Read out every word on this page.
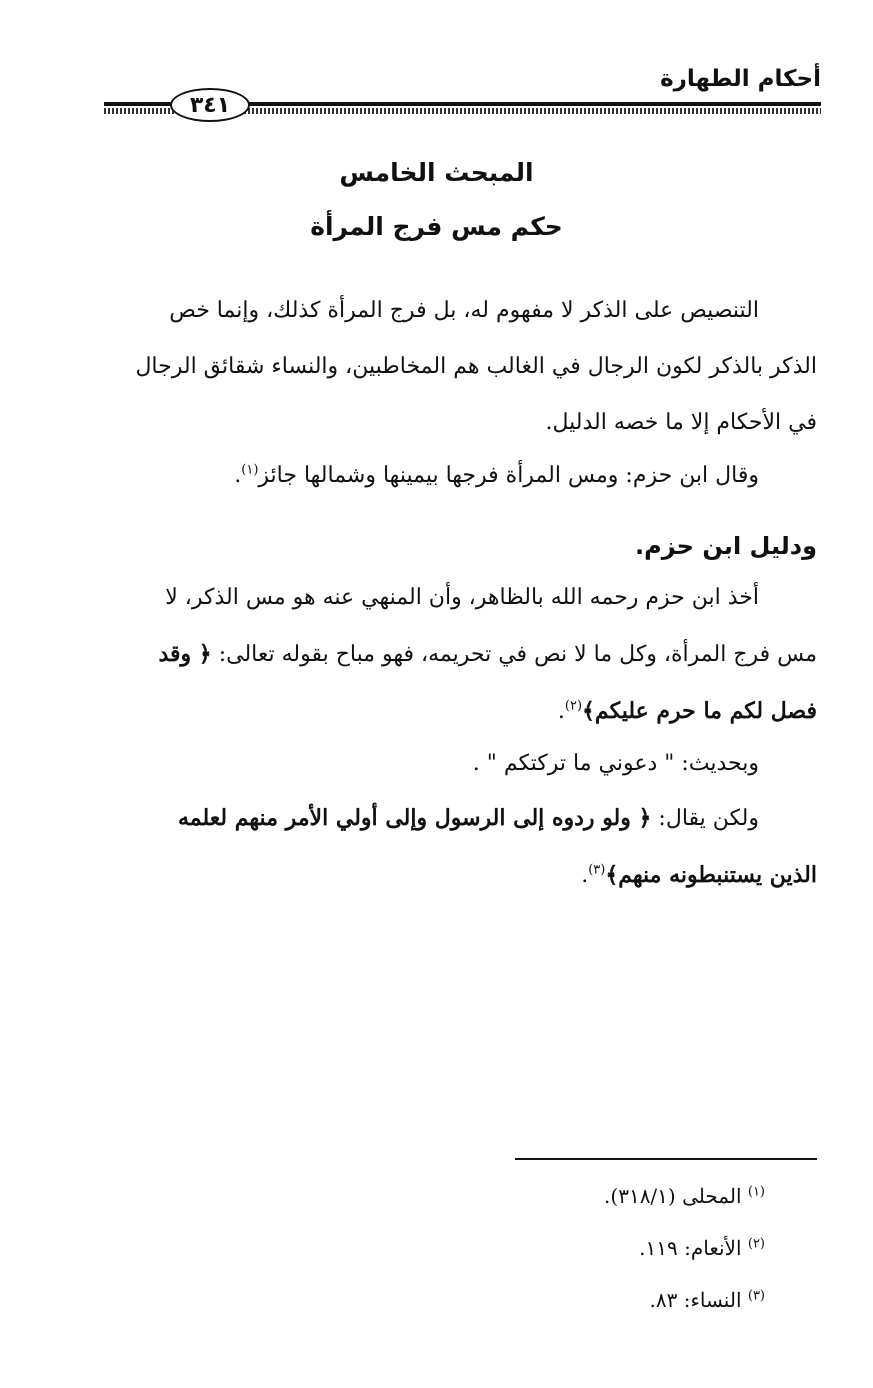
أحكام الطهارة
٣٤١
المبحث الخامس
حكم مس فرج المرأة

التنصيص على الذكر لا مفهوم له، بل فرج المرأة كذلك، وإنما خص

الذكر بالذكر لكون الرجال في الغالب هم المخاطبين، والنساء شقائق الرجال

في الأحكام إلا ما خصه الدليل.

وقال ابن حزم: ومس المرأة فرجها بيمينها وشمالها جائز$^{(١)}$.

ودليل ابن حزم.

أخذ ابن حزم رحمه الله بالظاهر، وأن المنهي عنه هو مس الذكر، لا

مس فرج المرأة، وكل ما لا نص في تحريمه، فهو مباح بقوله تعالى: ﴿ وقد

فصل لكم ما حرم عليكم﴾$^{(٢)}$.

وبحديث: " دعوني ما تركتكم " .

ولكن يقال: ﴿ ولو ردوه إلى الرسول وإلى أولي الأمر منهم لعلمه

الذين يستنبطونه منهم﴾$^{(٣)}$.

$^{(١)}$ المحلى (٣١٨/١).

$^{(٢)}$ الأنعام: ١١٩.

$^{(٣)}$ النساء: ٨٣.
